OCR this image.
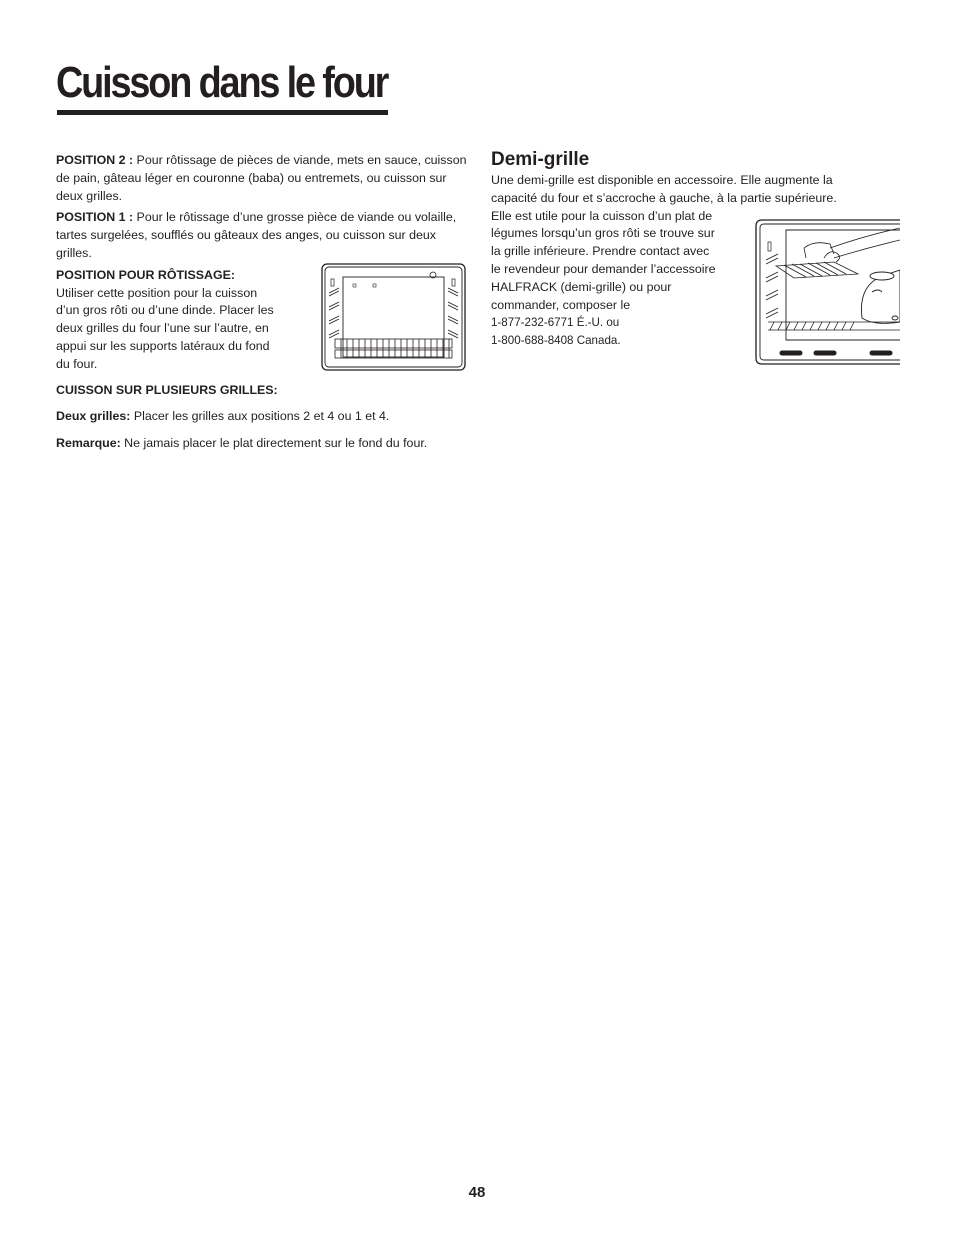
Cuisson dans le four

POSITION 2 : Pour rôtissage de pièces de viande, mets en sauce, cuisson de pain, gâteau léger en couronne (baba) ou entremets, ou cuisson sur deux grilles.

POSITION 1 : Pour le rôtissage d’une grosse pièce de viande ou volaille, tartes surgelées, soufflés ou gâteaux des anges, ou cuisson sur deux grilles.

POSITION POUR RÔTISSAGE:

Utiliser cette position pour la cuisson

d’un gros rôti ou d’une dinde. Placer les

deux grilles du four l’une sur l’autre, en

appui sur les supports latéraux du fond

du four.

CUISSON SUR PLUSIEURS GRILLES:

Deux grilles: Placer les grilles aux positions 2 et 4 ou 1 et 4.

Remarque: Ne jamais placer le plat directement sur le fond du four.

Demi-grille

Une demi-grille est disponible en accessoire. Elle augmente la

capacité du four et s’accroche à gauche, à la partie supérieure.

Elle est utile pour la cuisson d’un plat de

légumes lorsqu’un gros rôti se trouve sur

la grille inférieure. Prendre contact avec

le revendeur pour demander l’accessoire

HALFRACK (demi-grille) ou pour

commander, composer le

1-877-232-6771 É.-U. ou

1-800-688-8408 Canada.

48
